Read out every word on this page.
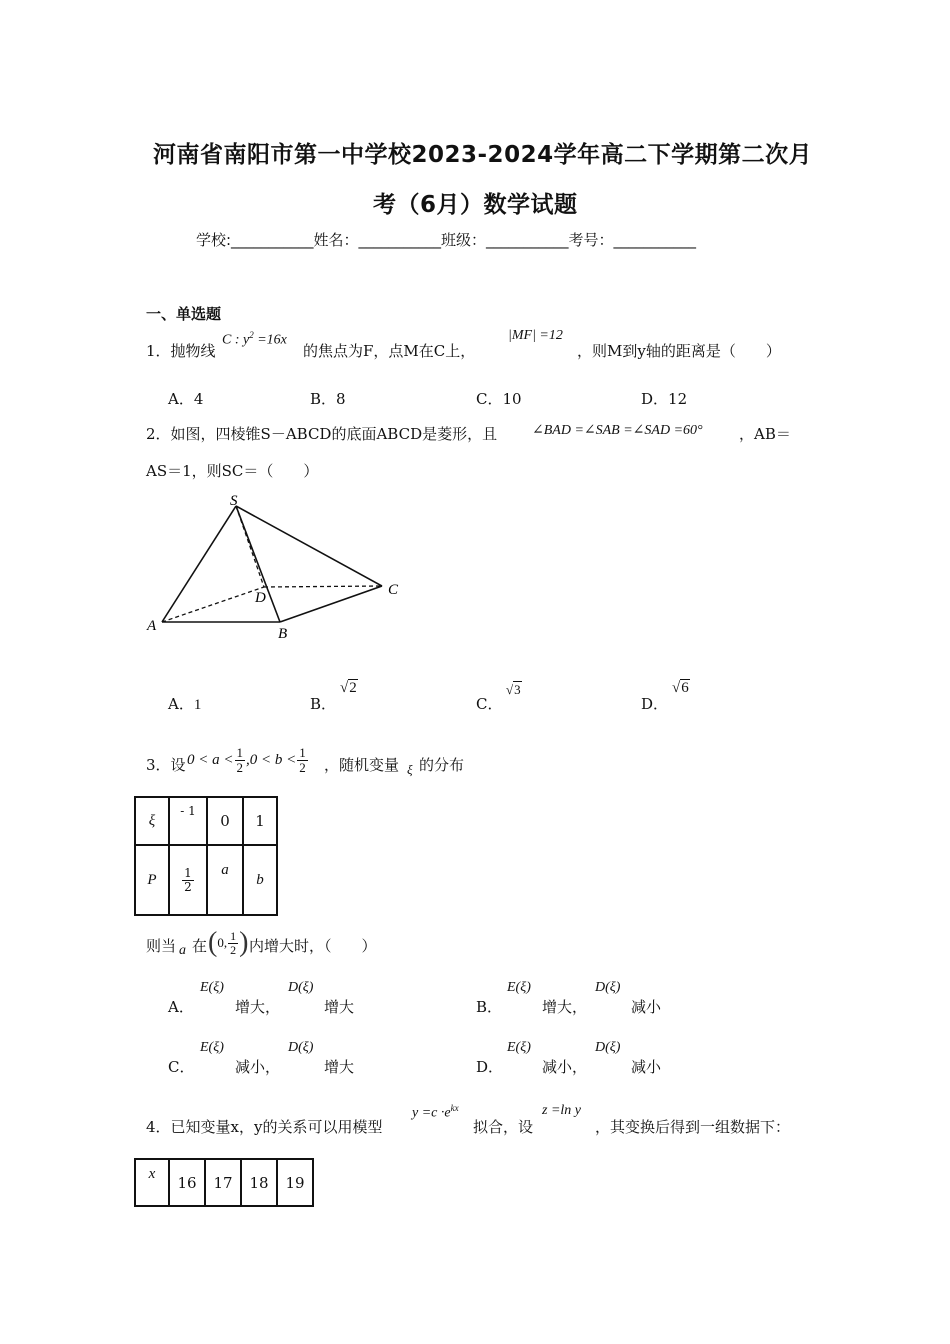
河南省南阳市第一中学校2023-2024学年高二下学期第二次月
考（6月）数学试题
学校:___________姓名：___________班级：___________考号：___________
一、单选题
1．抛物线
C : $y^2 =16x$
的焦点为F，点M在C上，
|MF| =12
，则M到y轴的距离是（　　）
A．4	B．8	C．10	D．12
2．如图，四棱锥S－ABCD的底面ABCD是菱形，且 ∠BAD =∠SAB =∠SAD =60° ，AB＝
AS＝1，则SC＝（　　）
S
D	C
A	B
A．1	B．
√2
C．
√3
D．
√6
3．设 $0 < a < \frac{1}{2} ,0 < b < \frac{1}{2}$ ，随机变量 ξ 的分布
ξ	- 1	0	1
P	$\frac{1}{2}$	a	b
则当 a 在 ( 0, $\frac{1}{2}$ ) 内增大时，（　　）
A．
E(ξ)
增大，
D(ξ)
增大	B．
E(ξ)
增大，
D(ξ)
减小
C．
E(ξ)
减小，
D(ξ)
增大	D．
E(ξ)
减小，
D(ξ)
减小
4．已知变量x，y的关系可以用模型
$y =c \cdot e^{kx}$
拟合，设
z =ln y
，其变换后得到一组数据下：
x	16	17	18	19
